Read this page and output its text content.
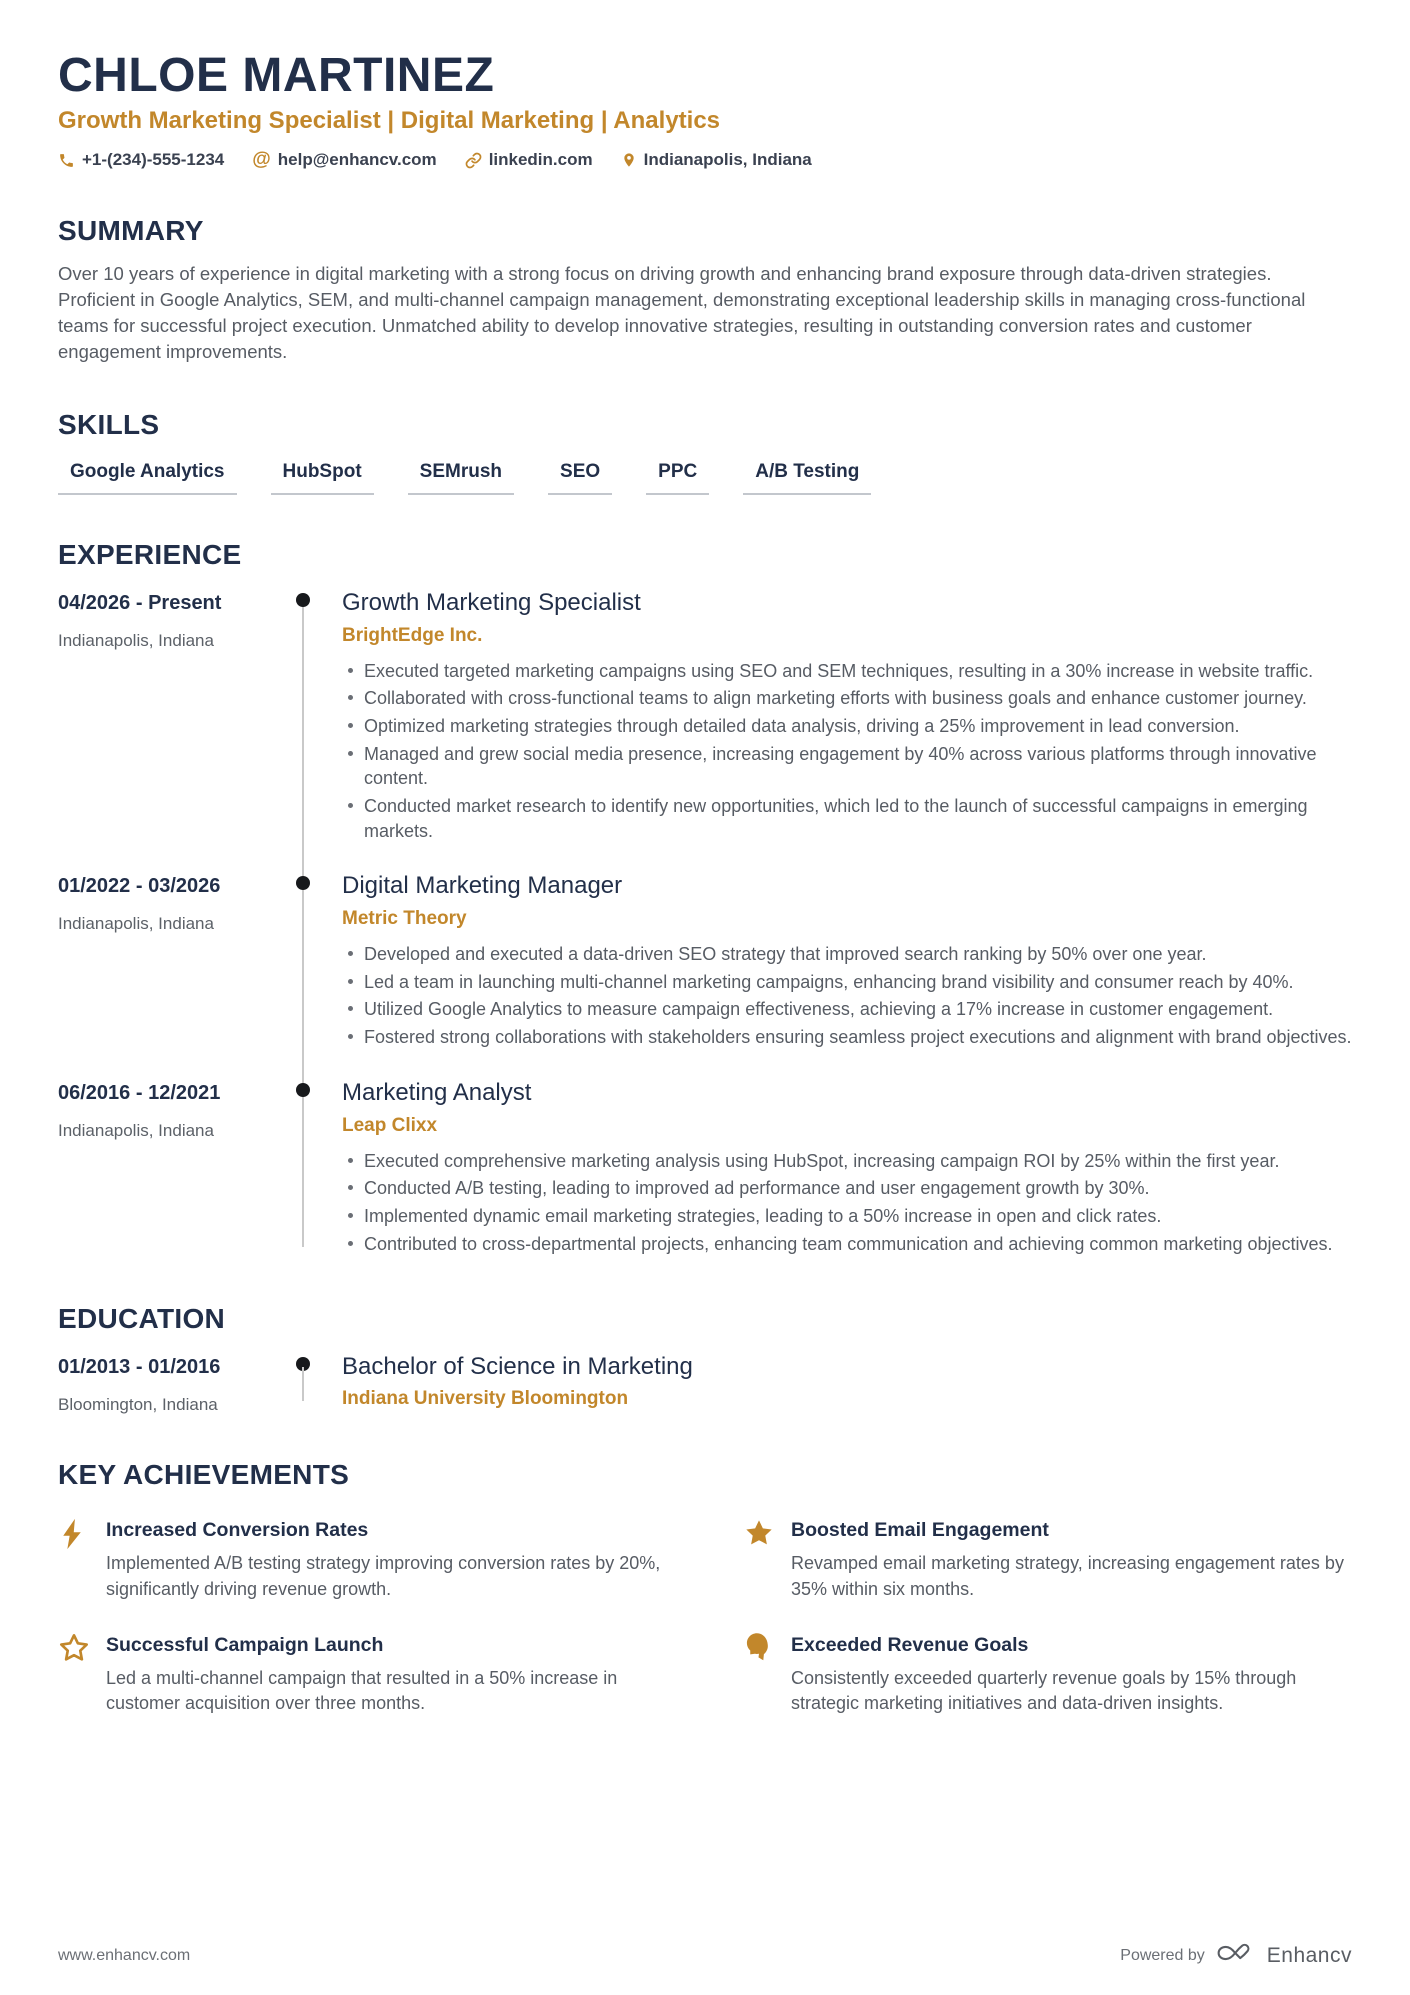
CHLOE MARTINEZ
Growth Marketing Specialist | Digital Marketing | Analytics
+1-(234)-555-1234 @ help@enhancv.com	linkedin.com	Indianapolis, Indiana
SUMMARY

Over 10 years of experience in digital marketing with a strong focus on driving growth and enhancing brand exposure through data-driven strategies. Proficient in Google Analytics, SEM, and multi-channel campaign management, demonstrating exceptional leadership skills in managing cross-functional teams for successful project execution. Unmatched ability to develop innovative strategies, resulting in outstanding conversion rates and customer engagement improvements.

SKILLS
Google Analytics	HubSpot	SEMrush	SEO	PPC	A/B Testing
EXPERIENCE
04/2026 - Present
Indianapolis, Indiana
Growth Marketing Specialist
BrightEdge Inc.
Executed targeted marketing campaigns using SEO and SEM techniques, resulting in a 30% increase in website traffic.
Collaborated with cross-functional teams to align marketing efforts with business goals and enhance customer journey.
Optimized marketing strategies through detailed data analysis, driving a 25% improvement in lead conversion.
Managed and grew social media presence, increasing engagement by 40% across various platforms through innovative content.
Conducted market research to identify new opportunities, which led to the launch of successful campaigns in emerging markets.
01/2022 - 03/2026
Indianapolis, Indiana
Digital Marketing Manager
Metric Theory
Developed and executed a data-driven SEO strategy that improved search ranking by 50% over one year.
Led a team in launching multi-channel marketing campaigns, enhancing brand visibility and consumer reach by 40%.
Utilized Google Analytics to measure campaign effectiveness, achieving a 17% increase in customer engagement.
Fostered strong collaborations with stakeholders ensuring seamless project executions and alignment with brand objectives.
06/2016 - 12/2021
Indianapolis, Indiana
Marketing Analyst
Leap Clixx
Executed comprehensive marketing analysis using HubSpot, increasing campaign ROI by 25% within the first year.
Conducted A/B testing, leading to improved ad performance and user engagement growth by 30%.
Implemented dynamic email marketing strategies, leading to a 50% increase in open and click rates.
Contributed to cross-departmental projects, enhancing team communication and achieving common marketing objectives.
EDUCATION
01/2013 - 01/2016
Bloomington, Indiana
Bachelor of Science in Marketing
Indiana University Bloomington
KEY ACHIEVEMENTS
Increased Conversion Rates
Implemented A/B testing strategy improving conversion rates by 20%, significantly driving revenue growth.
Successful Campaign Launch
Led a multi-channel campaign that resulted in a 50% increase in customer acquisition over three months.
Boosted Email Engagement
Revamped email marketing strategy, increasing engagement rates by 35% within six months.
Exceeded Revenue Goals
Consistently exceeded quarterly revenue goals by 15% through strategic marketing initiatives and data-driven insights.
www.enhancv.com	Powered by	Enhancv
